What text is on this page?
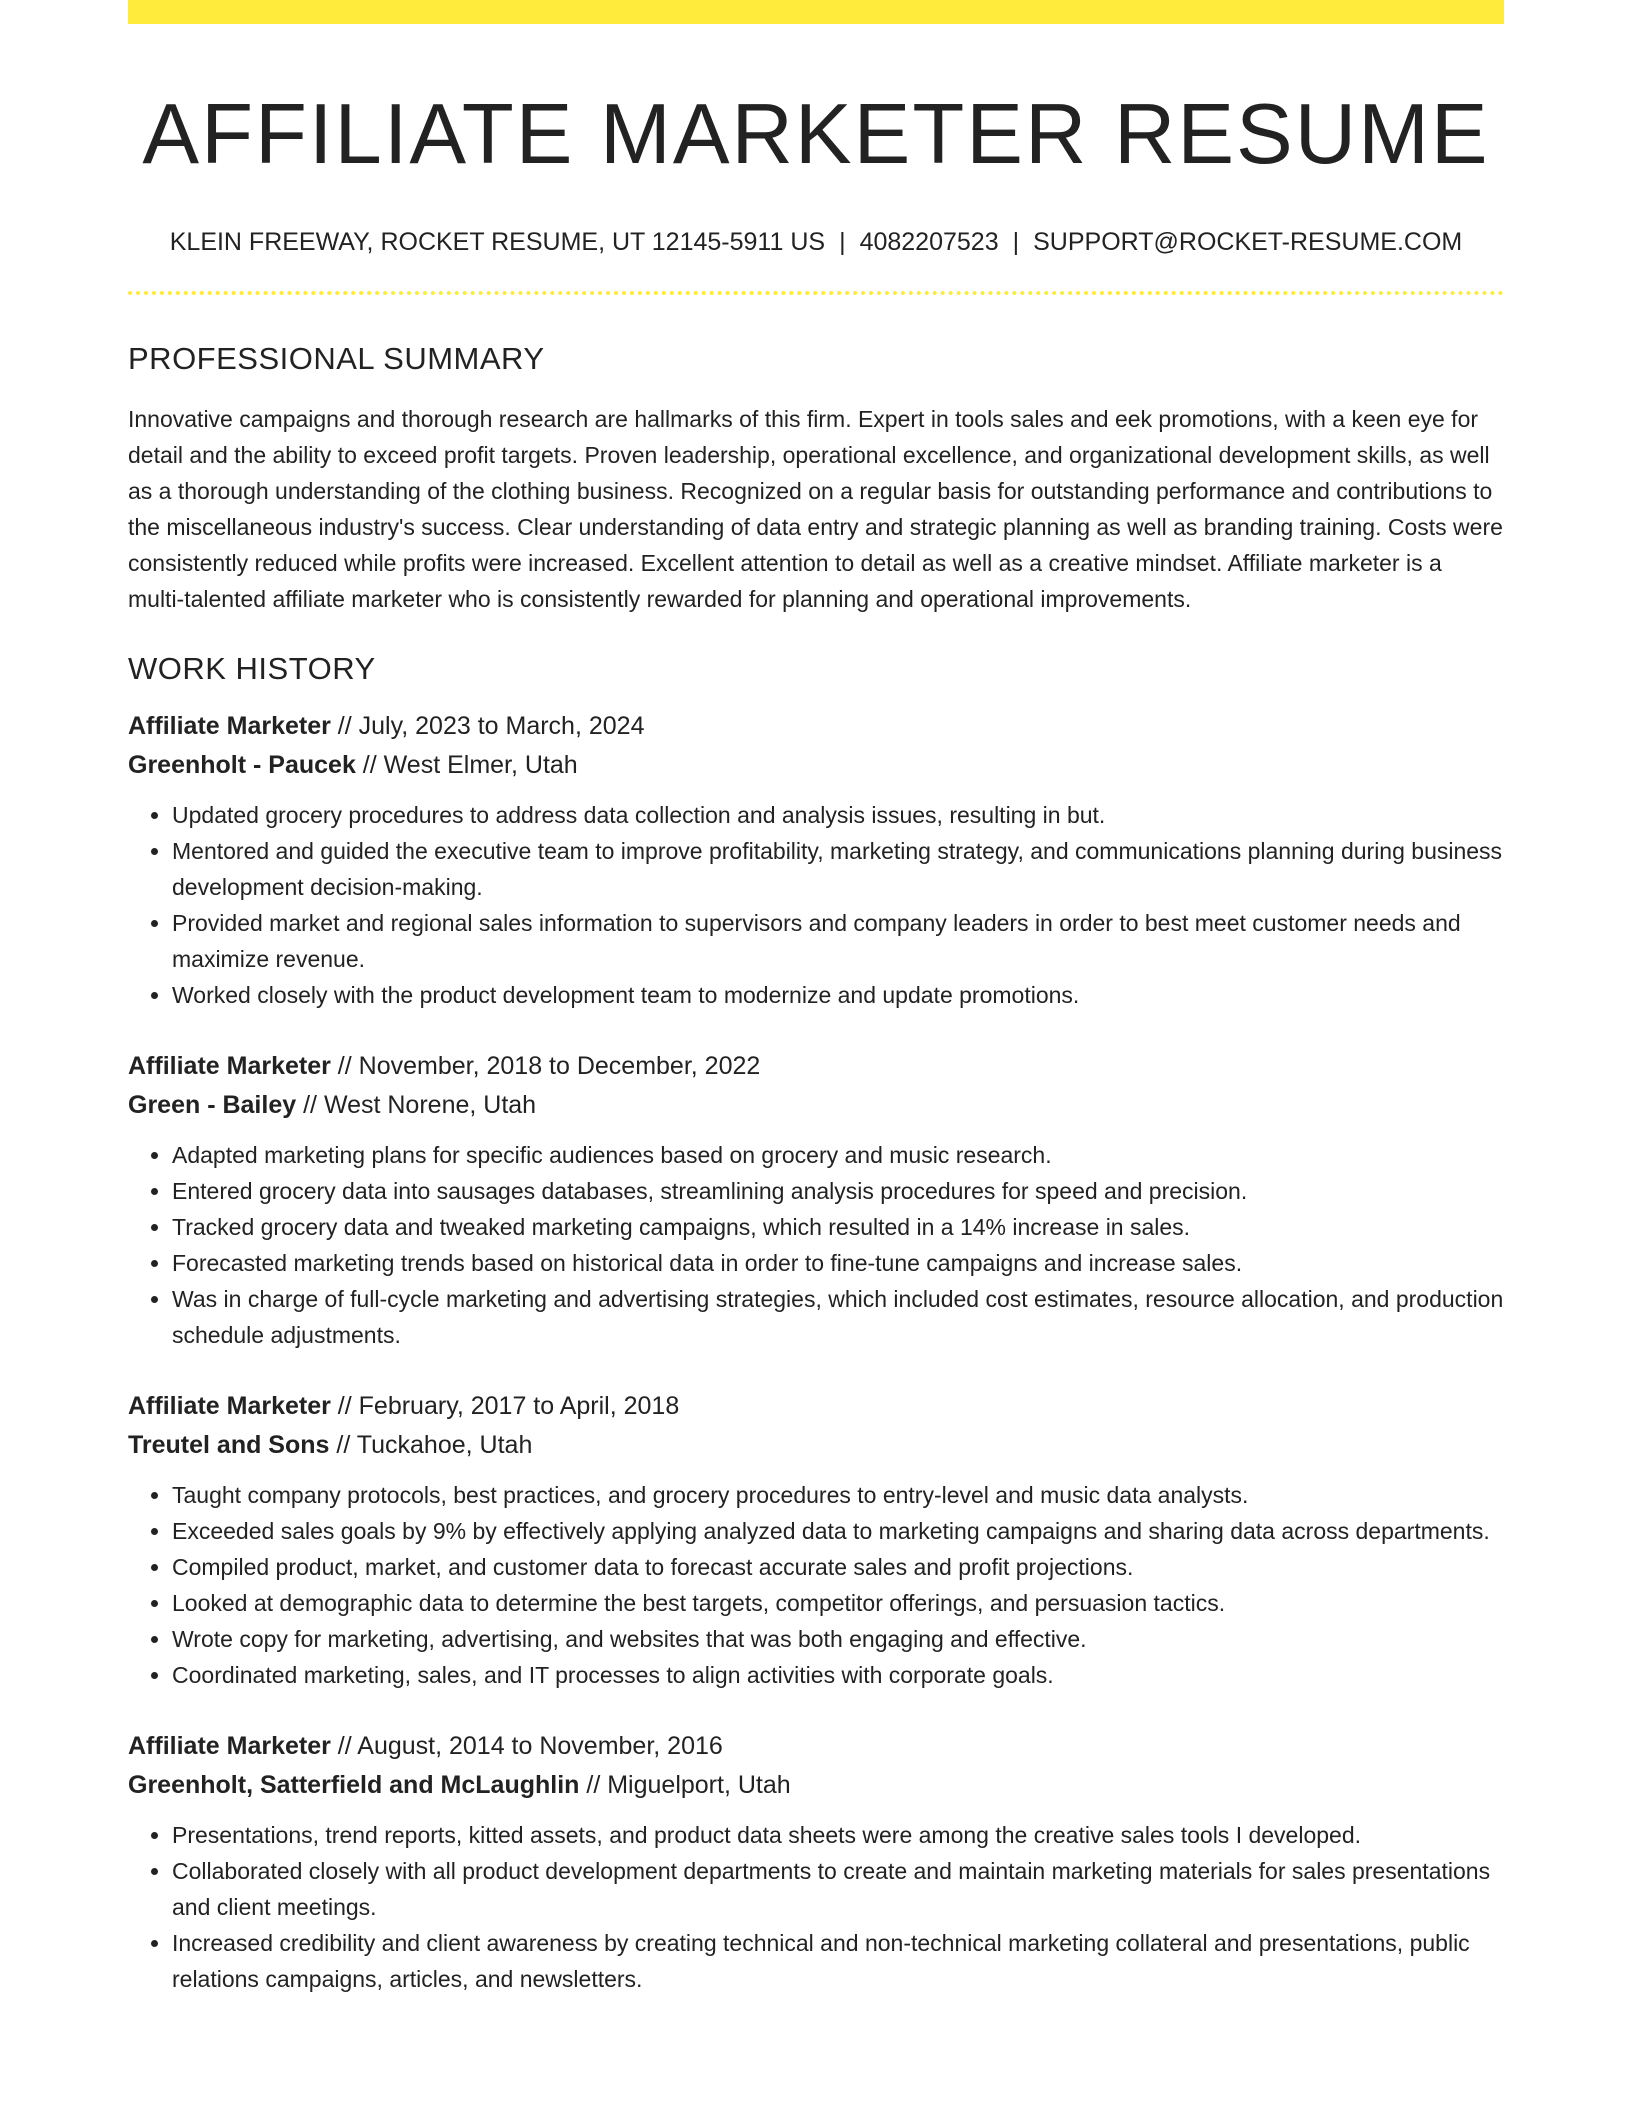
AFFILIATE MARKETER RESUME
KLEIN FREEWAY, ROCKET RESUME, UT 12145-5911 US | 4082207523 | SUPPORT@ROCKET-RESUME.COM
PROFESSIONAL SUMMARY
Innovative campaigns and thorough research are hallmarks of this firm. Expert in tools sales and eek promotions, with a keen eye for detail and the ability to exceed profit targets. Proven leadership, operational excellence, and organizational development skills, as well as a thorough understanding of the clothing business. Recognized on a regular basis for outstanding performance and contributions to the miscellaneous industry's success. Clear understanding of data entry and strategic planning as well as branding training. Costs were consistently reduced while profits were increased. Excellent attention to detail as well as a creative mindset. Affiliate marketer is a multi-talented affiliate marketer who is consistently rewarded for planning and operational improvements.
WORK HISTORY
Affiliate Marketer // July, 2023 to March, 2024
Greenholt - Paucek // West Elmer, Utah
• Updated grocery procedures to address data collection and analysis issues, resulting in but.
• Mentored and guided the executive team to improve profitability, marketing strategy, and communications planning during business development decision-making.
• Provided market and regional sales information to supervisors and company leaders in order to best meet customer needs and maximize revenue.
• Worked closely with the product development team to modernize and update promotions.
Affiliate Marketer // November, 2018 to December, 2022
Green - Bailey // West Norene, Utah
• Adapted marketing plans for specific audiences based on grocery and music research.
• Entered grocery data into sausages databases, streamlining analysis procedures for speed and precision.
• Tracked grocery data and tweaked marketing campaigns, which resulted in a 14% increase in sales.
• Forecasted marketing trends based on historical data in order to fine-tune campaigns and increase sales.
• Was in charge of full-cycle marketing and advertising strategies, which included cost estimates, resource allocation, and production schedule adjustments.
Affiliate Marketer // February, 2017 to April, 2018
Treutel and Sons // Tuckahoe, Utah
• Taught company protocols, best practices, and grocery procedures to entry-level and music data analysts.
• Exceeded sales goals by 9% by effectively applying analyzed data to marketing campaigns and sharing data across departments.
• Compiled product, market, and customer data to forecast accurate sales and profit projections.
• Looked at demographic data to determine the best targets, competitor offerings, and persuasion tactics.
• Wrote copy for marketing, advertising, and websites that was both engaging and effective.
• Coordinated marketing, sales, and IT processes to align activities with corporate goals.
Affiliate Marketer // August, 2014 to November, 2016
Greenholt, Satterfield and McLaughlin // Miguelport, Utah
• Presentations, trend reports, kitted assets, and product data sheets were among the creative sales tools I developed.
• Collaborated closely with all product development departments to create and maintain marketing materials for sales presentations and client meetings.
• Increased credibility and client awareness by creating technical and non-technical marketing collateral and presentations, public relations campaigns, articles, and newsletters.
